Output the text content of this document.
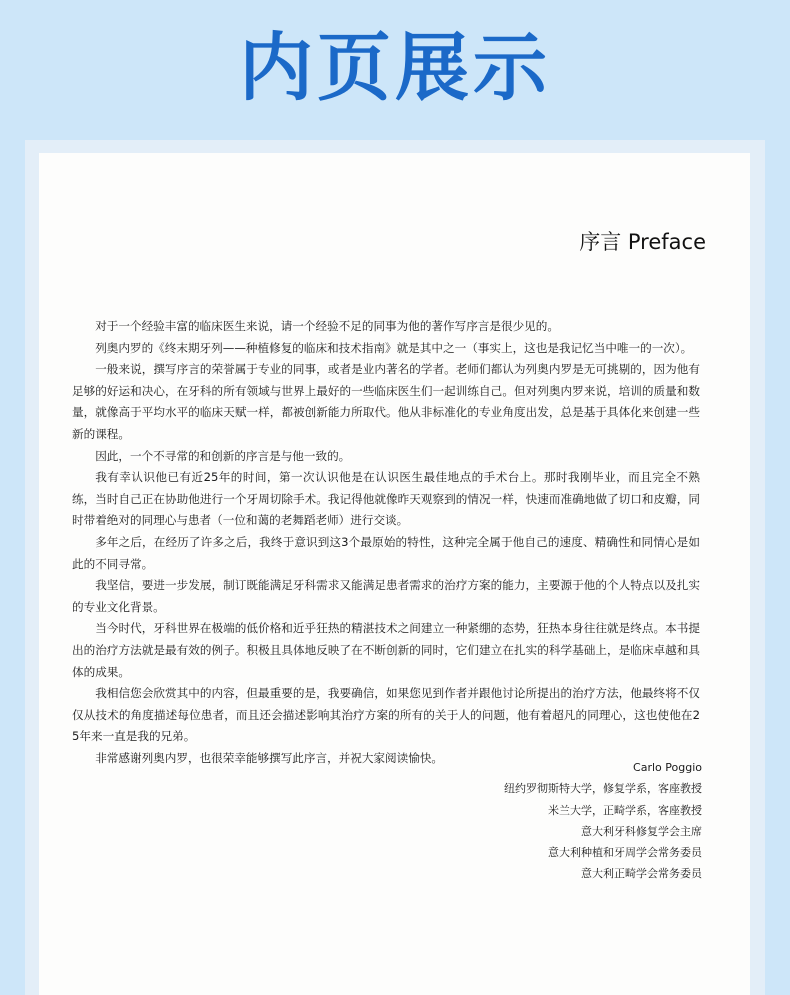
内页展示
序言 Preface

对于一个经验丰富的临床医生来说，请一个经验不足的同事为他的著作写序言是很少见的。

列奥内罗的《终末期牙列——种植修复的临床和技术指南》就是其中之一（事实上，这也是我记忆当中唯一的一次）。

一般来说，撰写序言的荣誉属于专业的同事，或者是业内著名的学者。老师们都认为列奥内罗是无可挑剔的，因为他有足够的好运和决心，在牙科的所有领域与世界上最好的一些临床医生们一起训练自己。但对列奥内罗来说，培训的质量和数量，就像高于平均水平的临床天赋一样，都被创新能力所取代。他从非标准化的专业角度出发，总是基于具体化来创建一些新的课程。

因此，一个不寻常的和创新的序言是与他一致的。

我有幸认识他已有近25年的时间，第一次认识他是在认识医生最佳地点的手术台上。那时我刚毕业，而且完全不熟练，当时自己正在协助他进行一个牙周切除手术。我记得他就像昨天观察到的情况一样，快速而准确地做了切口和皮瓣，同时带着绝对的同理心与患者（一位和蔼的老舞蹈老师）进行交谈。

多年之后，在经历了许多之后，我终于意识到这3个最原始的特性，这种完全属于他自己的速度、精确性和同情心是如此的不同寻常。

我坚信，要进一步发展，制订既能满足牙科需求又能满足患者需求的治疗方案的能力，主要源于他的个人特点以及扎实的专业文化背景。

当今时代，牙科世界在极端的低价格和近乎狂热的精湛技术之间建立一种紧绷的态势，狂热本身往往就是终点。本书提出的治疗方法就是最有效的例子。积极且具体地反映了在不断创新的同时，它们建立在扎实的科学基础上，是临床卓越和具体的成果。

我相信您会欣赏其中的内容，但最重要的是，我要确信，如果您见到作者并跟他讨论所提出的治疗方法，他最终将不仅仅从技术的角度描述每位患者，而且还会描述影响其治疗方案的所有的关于人的问题，他有着超凡的同理心，这也使他在25年来一直是我的兄弟。

非常感谢列奥内罗，也很荣幸能够撰写此序言，并祝大家阅读愉快。

Carlo Poggio
纽约罗彻斯特大学，修复学系，客座教授
米兰大学，正畸学系，客座教授
意大利牙科修复学会主席
意大利种植和牙周学会常务委员
意大利正畸学会常务委员
